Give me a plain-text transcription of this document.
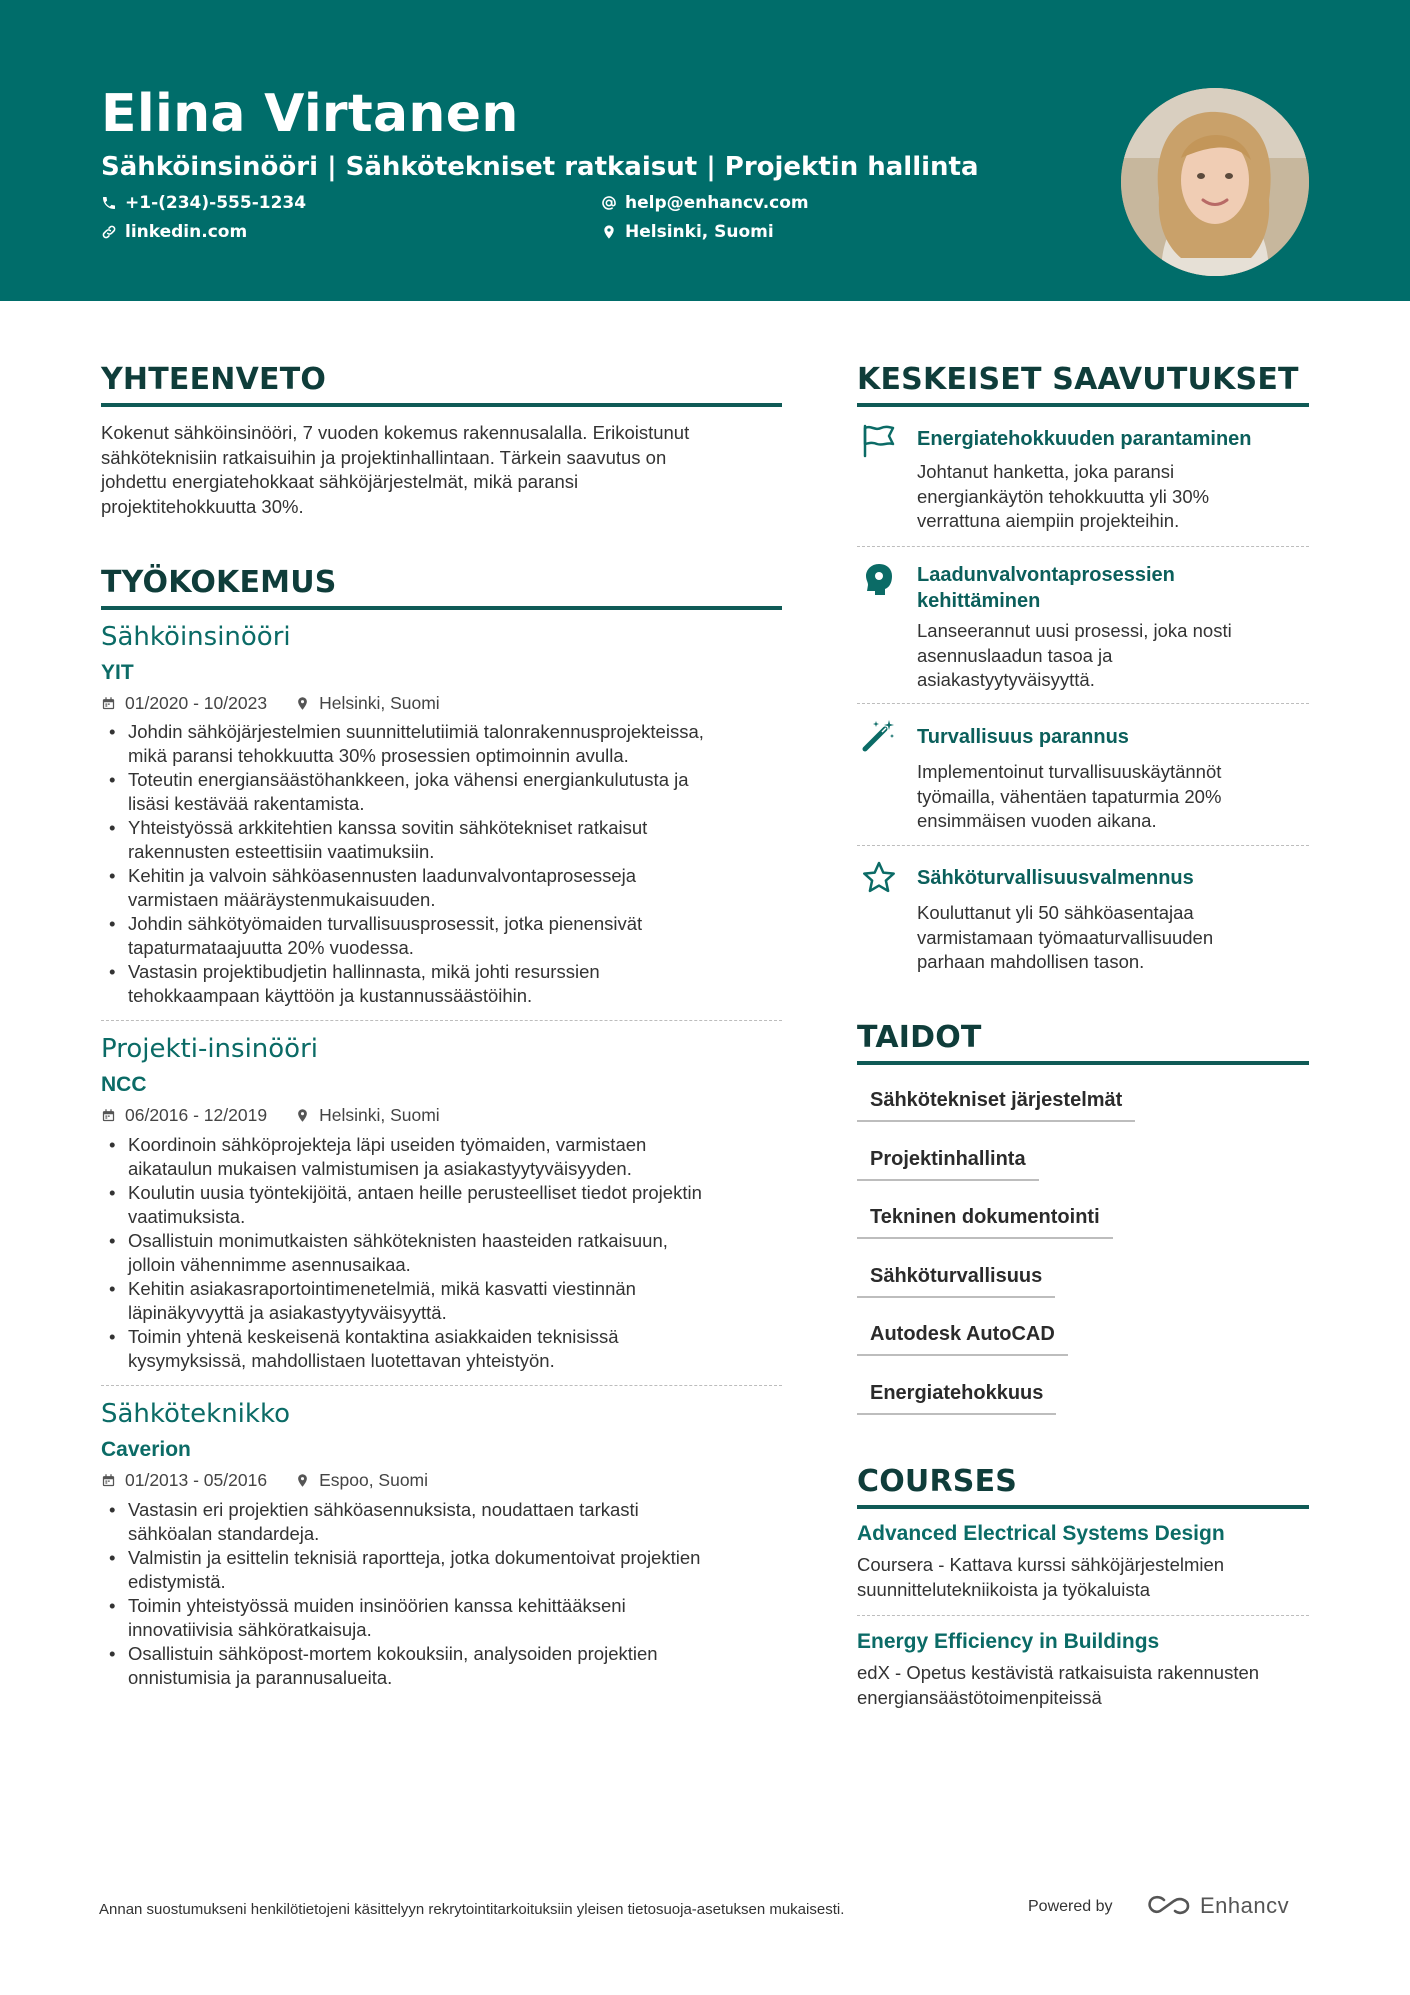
Elina Virtanen
Sähköinsinööri | Sähkötekniset ratkaisut | Projektin hallinta
+1-(234)-555-1234	help@enhancv.com
linkedin.com	Helsinki, Suomi
YHTEENVETO
Kokenut sähköinsinööri, 7 vuoden kokemus rakennusalalla. Erikoistunut
sähköteknisiin ratkaisuihin ja projektinhallintaan. Tärkein saavutus on
johdettu energiatehokkaat sähköjärjestelmät, mikä paransi
projektitehokkuutta 30%.
TYÖKOKEMUS
Sähköinsinööri
YIT
01/2020 - 10/2023	Helsinki, Suomi
• Johdin sähköjärjestelmien suunnittelutiimiä talonrakennusprojekteissa,
mikä paransi tehokkuutta 30% prosessien optimoinnin avulla.
• Toteutin energiansäästöhankkeen, joka vähensi energiankulutusta ja
lisäsi kestävää rakentamista.
• Yhteistyössä arkkitehtien kanssa sovitin sähkötekniset ratkaisut
rakennusten esteettisiin vaatimuksiin.
• Kehitin ja valvoin sähköasennusten laadunvalvontaprosesseja
varmistaen määräystenmukaisuuden.
• Johdin sähkötyömaiden turvallisuusprosessit, jotka pienensivät
tapaturmataajuutta 20% vuodessa.
• Vastasin projektibudjetin hallinnasta, mikä johti resurssien
tehokkaampaan käyttöön ja kustannussäästöihin.
Projekti-insinööri
NCC
06/2016 - 12/2019	Helsinki, Suomi
• Koordinoin sähköprojekteja läpi useiden työmaiden, varmistaen
aikataulun mukaisen valmistumisen ja asiakastyytyväisyyden.
• Koulutin uusia työntekijöitä, antaen heille perusteelliset tiedot projektin
vaatimuksista.
• Osallistuin monimutkaisten sähköteknisten haasteiden ratkaisuun,
jolloin vähennimme asennusaikaa.
• Kehitin asiakasraportointimenetelmiä, mikä kasvatti viestinnän
läpinäkyvyyttä ja asiakastyytyväisyyttä.
• Toimin yhtenä keskeisenä kontaktina asiakkaiden teknisissä
kysymyksissä, mahdollistaen luotettavan yhteistyön.
Sähköteknikko
Caverion
01/2013 - 05/2016	Espoo, Suomi
• Vastasin eri projektien sähköasennuksista, noudattaen tarkasti
sähköalan standardeja.
• Valmistin ja esittelin teknisiä raportteja, jotka dokumentoivat projektien
edistymistä.
• Toimin yhteistyössä muiden insinöörien kanssa kehittääkseni
innovatiivisia sähköratkaisuja.
• Osallistuin sähköpost-mortem kokouksiin, analysoiden projektien
onnistumisia ja parannusalueita.
KESKEISET SAAVUTUKSET
Energiatehokkuuden parantaminen
Johtanut hanketta, joka paransi
energiankäytön tehokkuutta yli 30%
verrattuna aiempiin projekteihin.
Laadunvalvontaprosessien
kehittäminen
Lanseerannut uusi prosessi, joka nosti
asennuslaadun tasoa ja
asiakastyytyväisyyttä.
Turvallisuus parannus
Implementoinut turvallisuuskäytännöt
työmailla, vähentäen tapaturmia 20%
ensimmäisen vuoden aikana.
Sähköturvallisuusvalmennus
Kouluttanut yli 50 sähköasentajaa
varmistamaan työmaaturvallisuuden
parhaan mahdollisen tason.
TAIDOT
Sähkötekniset järjestelmät
Projektinhallinta
Tekninen dokumentointi
Sähköturvallisuus
Autodesk AutoCAD
Energiatehokkuus
COURSES
Advanced Electrical Systems Design
Coursera - Kattava kurssi sähköjärjestelmien
suunnittelutekniikoista ja työkaluista
Energy Efficiency in Buildings
edX - Opetus kestävistä ratkaisuista rakennusten
energiansäästötoimenpiteissä
Annan suostumukseni henkilötietojeni käsittelyyn rekrytointitarkoituksiin yleisen tietosuoja-asetuksen mukaisesti.	Powered by	Enhancv
